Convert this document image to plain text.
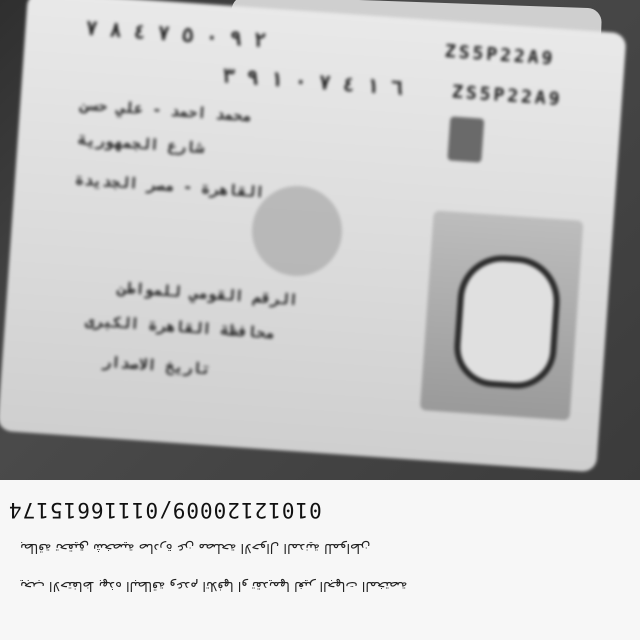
ZS5P22A9
ZS5P22A9
٢ ٩ ٠ ٥ ٧ ٤ ٨ ٧
٦ ١ ٤ ٧ ٠ ١ ٩ ٣
محمد احمد - علي حسن
شارع الجمهورية
القاهرة - مصر الجديدة
الرقم القومي للمواطن
محافظة القاهرة الكبرى
تاريخ الاصدار
01012120009/01116615174
بطاقة تحقيق شخصية صادرة عن مصلحة الاحوال المدنية للمواطن
يجب الاحتفاظ بهذه البطاقة وعدم اتلافها او تقديمها لغير الجهات المختصة
